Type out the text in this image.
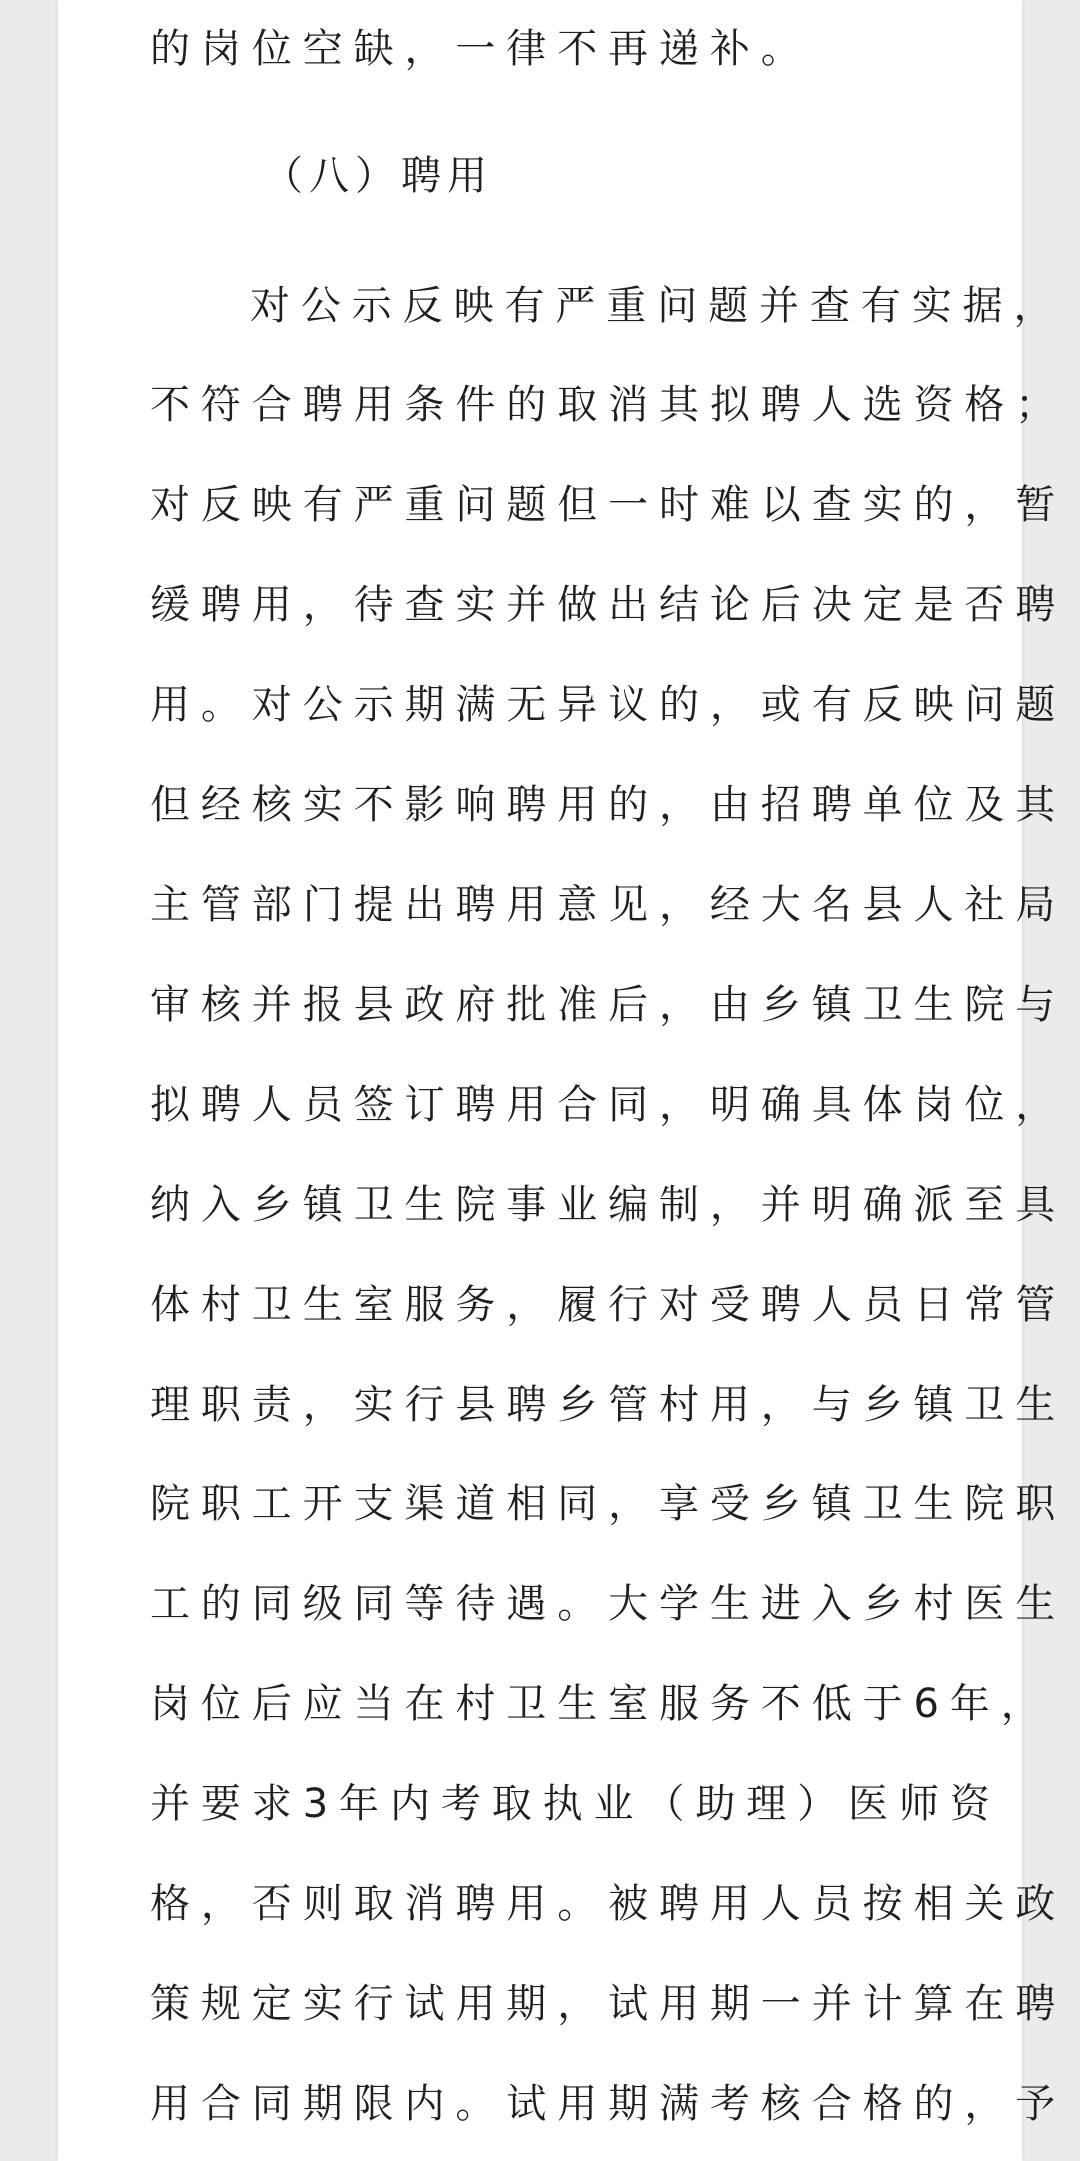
的岗位空缺，一律不再递补。

（八）聘用

对公示反映有严重问题并查有实据，

不符合聘用条件的取消其拟聘人选资格；

对反映有严重问题但一时难以查实的，暂

缓聘用，待查实并做出结论后决定是否聘

用。对公示期满无异议的，或有反映问题

但经核实不影响聘用的，由招聘单位及其

主管部门提出聘用意见，经大名县人社局

审核并报县政府批准后，由乡镇卫生院与

拟聘人员签订聘用合同，明确具体岗位，

纳入乡镇卫生院事业编制，并明确派至具

体村卫生室服务，履行对受聘人员日常管

理职责，实行县聘乡管村用，与乡镇卫生

院职工开支渠道相同，享受乡镇卫生院职

工的同级同等待遇。大学生进入乡村医生

岗位后应当在村卫生室服务不低于6年，

并要求3年内考取执业（助理）医师资

格，否则取消聘用。被聘用人员按相关政

策规定实行试用期，试用期一并计算在聘

用合同期限内。试用期满考核合格的，予
